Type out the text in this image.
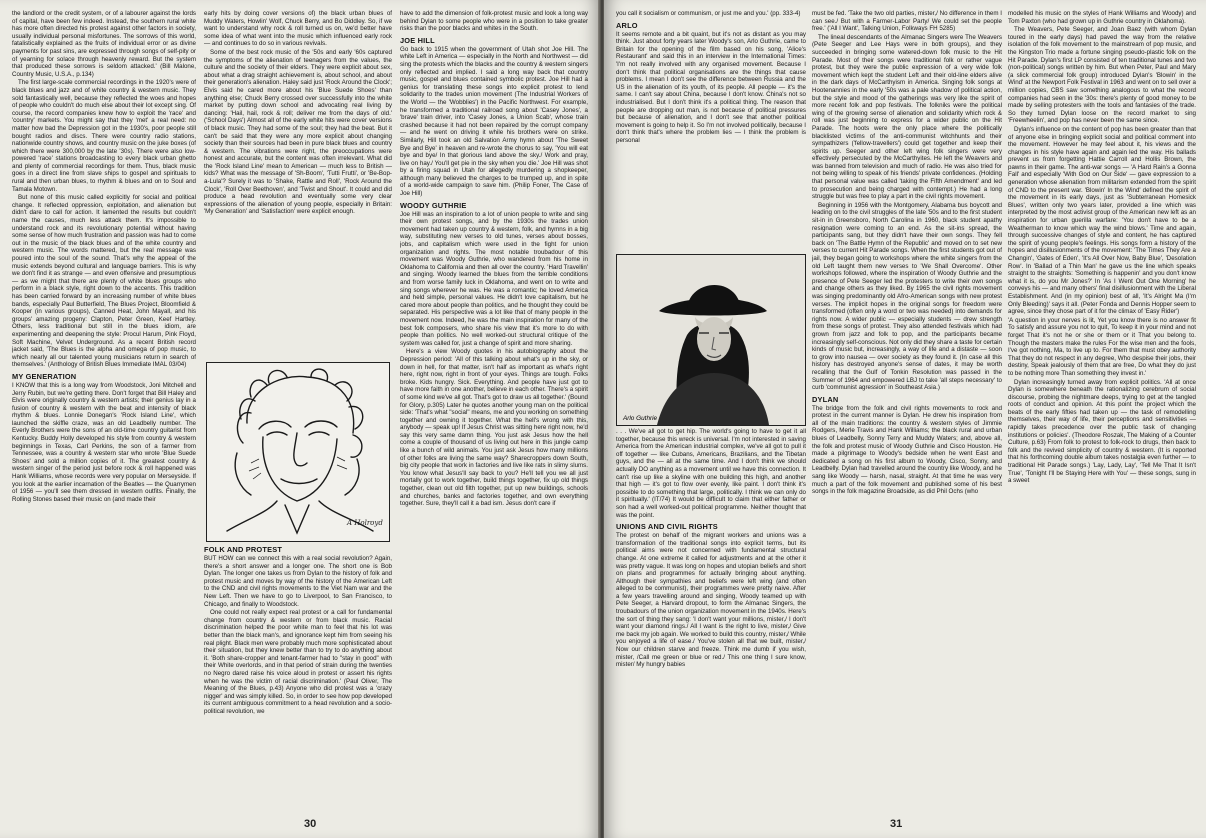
the landlord or the credit system, or of a labourer against the lords of capital, have been few indeed. Instead, the southern rural white has more often directed his protest against other factors in society, usually individual personal misfortunes. The sorrows of this world, fatalistically explained as the fruits of individual error or as divine payments for past sins, are expressed through songs of self-pity or of yearning for solace through heavenly reward. But the system that produced these sorrows is seldom attacked.' (Bill Malone, Country Music, U.S.A., p.134)

The first large-scale commercial recordings in the 1920's were of black blues and jazz and of white country & western music. They sold fantastically well, because they reflected the woes and hopes of people who couldn't do much else about their lot except sing. Of course, the record companies knew how to exploit the 'race' and 'country' markets. You might say that they 'met' a real need: no matter how bad the Depression got in the 1930's, poor people still bought radios and discs. There were country radio stations, nationwide country shows, and country music on the juke boxes (of which there were 300,000 by the late '30s). There were also low-powered 'race' stations broadcasting to every black urban ghetto and plenty of commercial recordings for them. Thus, black music goes in a direct line from slave ships to gospel and spirituals to rural and then urban blues, to rhythm & blues and on to Soul and Tamala Motown.

But none of this music called explicitly for social and political change. It reflected oppression, exploitation, and alienation but didn't dare to call for action. It lamented the results but couldn't name the causes, much less attack them. It's impossible to understand rock and its revolutionary potential without having some sense of how much frustration and passion was had to come out in the music of the black blues and of the white country and western music. The words mattered, but the real message was poured into the soul of the sound. That's why the appeal of the music extends beyond cultural and language barriers. This is why we don't find it as strange — and even offensive and presumptious — as we might that there are plenty of white blues groups who perform in a black style, right down to the accents. This tradition has been carried forward by an increasing number of white blues bands, especially Paul Butterfield, The Blues Project, Bloomfield & Kooper (in various groups), Canned Heat, John Mayall, and his groups' amazing progeny: Clapton, Peter Green, Keef Hartley. Others, less traditional but still in the blues idiom, are experimenting and deepening the style: Procul Harum, Pink Floyd, Soft Machine, Velvet Underground. As a recent British record jacket said, 'The Blues is the alpha and omega of pop music, to which nearly all our talented young musicians return in search of themselves.' (Anthology of British Blues Immediate IMAL 03/04)

MY GENERATION

I KNOW that this is a long way from Woodstock, Joni Mitchell and Jerry Rubin, but we're getting there. Don't forget that Bill Haley and Elvis were originally country & western artists; their genius lay in a fusion of country & western with the beat and intensity of black rhythm & blues. Lonnie Donegan's 'Rock Island Line', which launched the skiffle craze, was an old Leadbelly number. The Everly Brothers were the sons of an old-time country guitarist from Kentucky. Buddy Holly developed his style from country & western beginnings in Texas, Carl Perkins, the son of a farmer from Tennessee, was a country & western star who wrote 'Blue Suede Shoes' and sold a million copies of it. The greatest country & western singer of the period just before rock & roll happened was Hank Williams, whose records were very popular on Merseyside. If you look at the earlier incarnation of the Beatles — the Quarrymen of 1956 — you'll see them dressed in western outfits. Finally, the Rolling Stones based their music on (and made their

early hits by doing cover versions of) the black urban blues of Muddy Waters, Howlin' Wolf, Chuck Berry, and Bo Diddley. So, if we want to understand why rock & roll turned us on, we'd better have some idea of what went into the music which influenced early rock — and continues to do so in various revivals.

Some of the best rock music of the '50s and early '60s captured the symptoms of the alienation of teenagers from the values, the culture and the society of their elders. They were explicit about sex, about what a drag straight achievement is, about school, and about their generation's alienation. Haley said just 'Rock Around the Clock'; Elvis said he cared more about his 'Blue Suede Shoes' than anything else; Chuck Berry crossed over successfully into the white market by putting down school and advocating real living by dancing: 'Hail, hail, rock & roll; deliver me from the days of old.' ('School Days') Almost all of the early white hits were cover versions of black music. They had some of the soul; they had the beat. But it can't be said that they were any more explicit about changing society than their sources had been in pure black blues and country & western. The vibrations were right, the preoccupations were honest and accurate, but the content was often irrelevant. What did the 'Rock Island Line' mean to American — much less to British — kids? What was the message of 'Sh-Boom', 'Tutti Frutti', or 'Be-Bop-a-Lula'? Surely it was to 'Shake, Rattle and Roll', 'Rock Around the Clock', 'Roll Over Beethoven', and 'Twist and Shout'. It could and did produce a head revolution and eventually some very clear expressions of the alienation of young people, especially in Britain: 'My Generation' and 'Satisfaction' were explicit enough.

A Holroyd
FOLK AND PROTEST

BUT HOW can we connect this with a real social revolution? Again, there's a short answer and a longer one. The short one is Bob Dylan. The longer one takes us from Dylan to the history of folk and protest music and moves by way of the history of the American Left to the CND and civil rights movements to the Viet Nam war and the New Left. Then we have to go to Liverpool, to San Francisco, to Chicago, and finally to Woodstock.

One could not really expect real protest or a call for fundamental change from country & western or from black music. Racial discrimination helped the poor white man to feel that his lot was better than the black man's, and ignorance kept him from seeing his real plight. Black men were probably much more sophisticated about their situation, but they knew better than to try to do anything about it. 'Both share-cropper and tenant-farmer had to "stay in good" with their White overlords, and in that period of strain during the twenties no Negro dared raise his voice aloud in protest or assert his rights when he was the victim of racial discrimination.' (Paul Oliver, The Meaning of the Blues, p.43) Anyone who did protest was a 'crazy nigger' and was simply killed. So, in order to see how pop developed its current ambiguous commitment to a head revolution and a socio-political revolution, we

have to add the dimension of folk-protest music and look a long way behind Dylan to some people who were in a position to take greater risks than the poor blacks and whites in the South.

JOE HILL

Go back to 1915 when the government of Utah shot Joe Hill. The white Left in America — especially in the North and Northwest — did sing the protests which the blacks and the country & western singers only reflected and implied. I said a long way back that country music, gospel and blues contained symbolic protest. Joe Hill had a genius for translating these songs into explicit protest to lend solidarity to the trades union movement (The Industrial Workers of the World — the 'Wobblies') in the Pacific Northwest. For example, he transformed a traditional railroad song about 'Casey Jones', a 'brave' train driver, into 'Casey Jones, a Union Scab', whose train crashed because it had not been repaired by the corrupt company — and he went on driving it while his brothers were on strike. Similarly, Hill took an old Salvation Army hymn about 'The Sweet Bye and Bye' in heaven and re-wrote the chorus to say, 'You will eat bye and bye/ In that glorious land above the sky./ Work and pray, live on hay./ You'll get pie in the sky when you die.' Joe Hill was shot by a firing squad in Utah for allegedly murdering a shopkeeper, although many believed the charges to be trumped up, and in spite of a world-wide campaign to save him. (Philip Foner, The Case of Joe Hill)

WOODY GUTHRIE

Joe Hill was an inspiration to a lot of union people to write and sing their own protest songs, and by the 1930s the trades union movement had taken up country & western, folk, and hymns in a big way, substituting new verses to old tunes, verses about bosses, jobs, and capitalism which were used in the fight for union organization and rights. The most notable troubadour of this movement was Woody Guthrie, who wandered from his home in Oklahoma to California and then all over the country. 'Hard Travellin' and singing. Woody learned the blues from the terrible conditions and from worse family luck in Oklahoma, and went on to write and sing songs wherever he was. He was a romantic; he loved America and held simple, personal values. He didn't love capitalism, but he cared more about people than politics, and he thought they could be separated. His perspective was a lot like that of many people in the movement now. Indeed, he was the main inspiration for many of the best folk composers, who share his view that it's more to do with people than politics. No well worked-out structural critique of the system was called for, just a change of spirit and more sharing.

Here's a view Woody quotes in his autobiography about the Depression period: 'All of this talking about what's up in the sky, or down in hell, for that matter, isn't half as important as what's right here, right now, right in front of your eyes. Things are tough. Folks broke. Kids hungry. Sick. Everything. And people have just got to have more faith in one another, believe in each other. There's a spirit of some kind we've all got. That's got to draw us all together.' (Bound for Glory, p.305) Later he quotes another young man on the political side: 'That's what "social" means, me and you working on something together and owning it together. What the hell's wrong with this, anybody — speak up! If Jesus Christ was sitting here right now, he'd say this very same damn thing. You just ask Jesus how the hell come a couple of thousand of us living out here in this jungle camp like a bunch of wild animals. You just ask Jesus how many millions of other folks are living the same way? Sharecroppers down South, big city people that work in factories and live like rats in slimy slums. You know what Jesus'll say back to you? He'll tell you we all just mortally got to work together, build things together, fix up old things together, clean out old filth together, put up new buildings, schools and churches, banks and factories together, and own everything together. Sure, they'll call it a bad ism. Jesus don't care if

30

you call it socialism or communism, or just me and you.' (pp. 333-4)

ARLO

It seems remote and a bit quaint, but it's not as distant as you may think. Just about forty years later Woody's son, Arlo Guthrie, came to Britain for the opening of the film based on his song, 'Alice's Restaurant' and said this in an interview in the International Times: 'I'm not really involved with any organised movement. Because I don't think that political organisations are the things that cause problems. I mean I don't see the difference between Russia and the US in the alienation of its youth, of its people. All people — it's the same. I can't say about China, because I don't know. China's not so industrialised. But I don't think it's a political thing. The reason that people are dropping out man, is not because of political pressures but because of alienation, and I don't see that another political movement is going to help it. So I'm not involved politically, because I don't think that's where the problem lies — I think the problem is personal

Arlo Guthrie

. . . We've all got to get hip. The world's going to have to get it all together, because this wreck is universal. I'm not interested in saving America from the American industrial complex, we've all got to pull it off together — like Cubans, Americans, Brazilians, and the Tibetan guys, and the — all at the same time. And I don't think we should actually DO anything as a movement until we have this connection. It can't rise up like a skyline with one building this high, and another that high — it's got to flow over evenly, like paint. I don't think it's possible to do something that large, politically. I think we can only do it spiritually.' (IT/74) It would be difficult to claim that either father or son had a well worked-out political programme. Neither thought that was the point.

UNIONS AND CIVIL RIGHTS

The protest on behalf of the migrant workers and unions was a transformation of the traditional songs into explicit terms, but its political aims were not concerned with fundamental structural change. At one extreme it called for adjustments and at the other it was pretty vague. It was long on hopes and utopian beliefs and short on plans and programmes for actually bringing about anything. Although their sympathies and beliefs were left wing (and often alleged to be communist), their programmes were pretty naive. After a few years travelling around and singing, Woody teamed up with Pete Seeger, a Harvard dropout, to form the Almanac Singers, the troubadours of the union organization movement in the 1940s. Here's the sort of thing they sang: 'I don't want your millions, mister,/ I don't want your diamond rings./ All I want is the right to live, mister,/ Give me back my job again. We worked to build this country, mister,/ While you enjoyed a life of ease./ You've stolen all that we built, mister,/ Now our children starve and freeze. Think me dumb if you wish, mister, /Call me green or blue or red./ This one thing I sure know, mister/ My hungry babies

must be fed. 'Take the two old parties, mister,/ No difference in them I can see./ But with a Farmer-Labor Party/ We could set the people free.' ('All I Want', Talking Union, Folkways FH 5285)

The lineal descendants of the Almanac Singers were The Weavers (Pete Seeger and Lee Hays were in both groups), and they succeeded in bringing some watered-down folk music to the Hit Parade. Most of their songs were traditional folk or rather vague protest, but they were the public expression of a very wide folk movement which kept the student Left and their old-line elders alive in the dark days of McCarthyism in America. Singing folk songs at Hootenannies in the early '50s was a pale shadow of political action, but the style and mood of the gatherings was very like the spirit of more recent folk and pop festivals. The folkniks were the political wing of the growing sense of alienation and solidarity which rock & roll was just beginning to express for a wider public on the Hit Parade. The hoots were the only place where the politically blacklisted victims of the anti-communist witchhunts and their sympathizers ('fellow-travellers') could get together and keep their spirits up. Seeger and other left wing folk singers were very effectively persecuted by the McCarthyites. He left the Weavers and was banned from television and much of radio. He was also tried for not being willing to speak of his friends' private confidences. (Holding that personal value was called 'taking the Fifth Amendment' and led to prosecution and being charged with contempt.) He had a long struggle but was free to play a part in the civil rights movement.

Beginning in 1956 with the Montgomery, Alabama bus boycott and leading on to the civil struggles of the late '50s and to the first student sit-in in Greensboro, North Carolina in 1960, black student apathy resignation were coming to an end. As the sit-ins spread, the participants sang, but they didn't have their own songs. They fell back on 'The Battle Hymn of the Republic' and moved on to set new verses to current Hit Parade songs. When the first students got out of jail, they began going to workshops where the white singers from the old Left taught them new verses to 'We Shall Overcome'. Other workshops followed, where the inspiration of Woody Guthrie and the presence of Pete Seeger led the protesters to write their own songs and change others as they liked. By 1965 the civil rights movement was singing predominantly old Afro-American songs with new protest verses. The implicit hopes in the original songs for freedom were transformed (often only a word or two was needed) into demands for rights now. A wider public — especially students — drew strength from these songs of protest. They also attended festivals which had grown from jazz and folk to pop, and the participants became increasingly self-conscious. Not only did they share a taste for certain kinds of music but, increasingly, a way of life and a distaste — soon to grow into nausea — over society as they found it. (In case all this history has destroyed anyone's sense of dates, it may be worth recalling that the Gulf of Tonkin Resolution was passed in the Summer of 1964 and empowered LBJ to take 'all steps necessary' to curb 'communist agression' in Southeast Asia.)

DYLAN

The bridge from the folk and civil rights movements to rock and protest in the current manner is Dylan. He drew his inspiration from all of the main traditions: the country & western styles of Jimmie Rodgers, Merle Travis and Hank Williams; the black rural and urban blues of Leadbelly, Sonny Terry and Muddy Waters; and, above all, the folk and protest music of Woody Guthrie and Cisco Houston. He made a pilgrimage to Woody's bedside when he went East and dedicated a song on his first album to Woody, Cisco, Sonny, and Leadbelly. Dylan had travelled around the country like Woody, and he sang like Woody — harsh, nasal, straight. At that time he was very much a part of the folk movement and published some of his best songs in the folk magazine Broadside, as did Phil Ochs (who

modelled his music on the styles of Hank Williams and Woody) and Tom Paxton (who had grown up in Guthrie country in Oklahoma).

The Weavers, Pete Seeger, and Joan Baez (with whom Dylan toured in the early days) had paved the way from the relative isolation of the folk movement to the mainstream of pop music, and the Kingston Trio made a fortune singing pseudo-plastic folk on the Hit Parade. Dylan's first LP consisted of ten traditional tunes and two (non-political) songs written by him. But when Peter, Paul and Mary (a slick commercial folk group) introduced Dylan's 'Blowin' in the Wind' at the Newport Folk Festival in 1963 and went on to sell over a million copies, CBS saw something analogous to what the record companies had seen in the '30s: there's plenty of good money to be made by selling protesters with the tools and fantasies of the trade. So they turned Dylan loose on the record market to sing 'Freewheelin', and pop has never been the same since.

Dylan's influence on the content of pop has been greater than that of anyone else in bringing explicit social and political comment into the movement. However he may feel about it, his views and the changes in his style have again and again led the way. His ballads prevent us from forgetting Hattie Carroll and Hollis Brown, the pawns in their game. The anti-war songs — 'A Hard Rain's a Gonna Fall' and especially 'With God on Our Side' — gave expression to a generation whose alienation from militarism extended from the spirit of CND to the present war. 'Blowin' In the Wind' defined the spirit of the movement in its early days, just as 'Subterranean Homesick Blues', written only two years later, provided a line which was interpreted by the most activist group of the American new left as an inspiration for urban guerilla warfare: 'You don't have to be a Weatherman to know which way the wind blows.' Time and again, through successive changes of style and content, he has captured the spirit of young people's feelings. His songs form a history of the hopes and disillusionments of the movement: 'The Times They Are a Changin', 'Gates of Eden', 'It's All Over Now, Baby Blue', 'Desolation Row'. In 'Ballad of a Thin Man' he gave us the line which speaks straight to the straights: 'Something is happenin' and you don't know what it is, do you Mr Jones?' In 'As I Went Out One Morning' he conveys his — and many others' final disillusionment with the Liberal Establishment. And (in my opinion) best of all, 'It's Alright Ma (I'm Only Bleeding)' says it all. (Peter Fonda and Dennis Hopper seem to agree, since they chose part of it for the climax of 'Easy Rider')

'A question in your nerves is lit, Yet you know there is no answer fit To satisfy and assure you not to quit, To keep it in your mind and not forget That it's not he or she or them or it That you belong to. Though the masters make the rules For the wise men and the fools, I've got nothing, Ma, to live up to. For them that must obey authority That they do not respect in any degree, Who despise their jobs, their destiny, Speak jealously of them that are free, Do what they do just to be nothing more Than something they invest in.'

Dylan increasingly turned away from explicit politics. 'All at once Dylan is somewhere beneath the rationalizing cerebrum of social discourse, probing the nightmare deeps, trying to get at the tangled roots of conduct and opinion. At this point the project which the beats of the early fifties had taken up — the task of remodelling themselves, their way of life, their perceptions and sensitivities — rapidly takes precedence over the public task of changing institutions or policies'. (Theodore Roszak, The Making of a Counter Culture, p.63) From folk to protest to folk-rock to drugs, then back to folk and the revived simplicity of country & western. (It is reported that his forthcoming double album takes nostalgia even further — to traditional Hit Parade songs.) 'Lay, Lady, Lay', 'Tell Me That It Isn't True', 'Tonight I'll be Staying Here with You' — these songs, sung in a sweet

31
